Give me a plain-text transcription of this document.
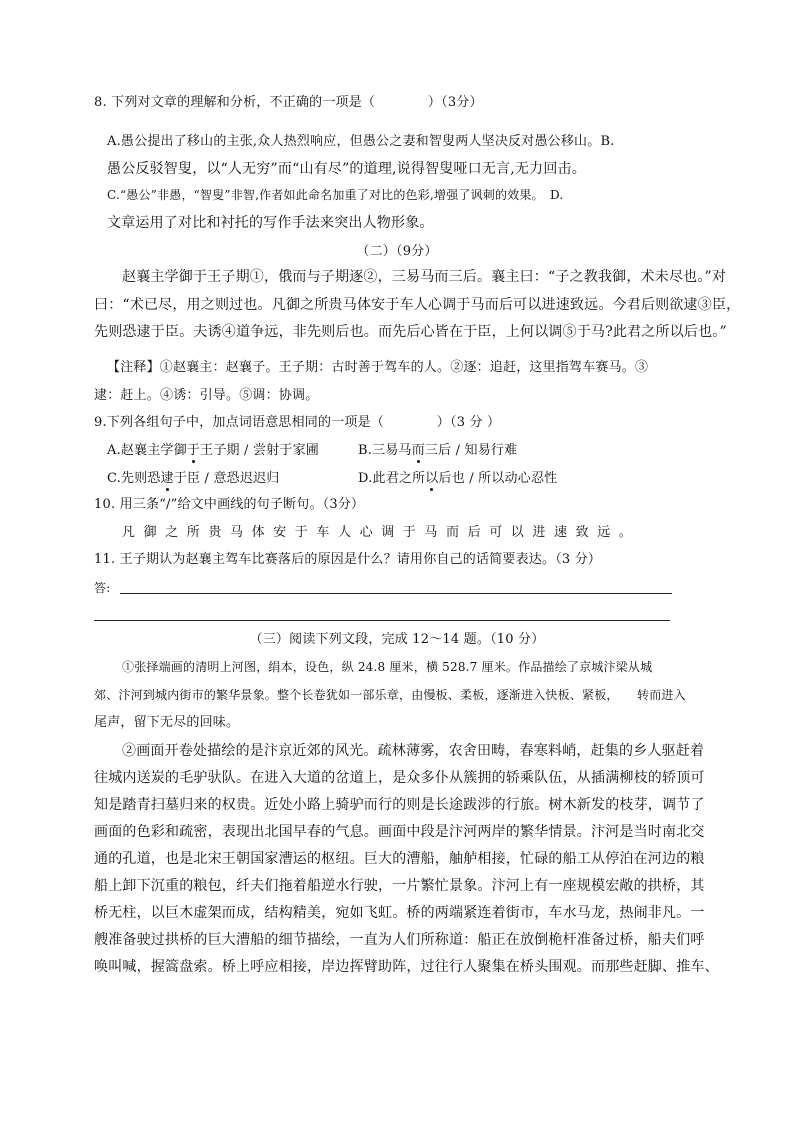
8. 下列对文章的理解和分析，不正确的一项是（　　　　）（3分）
A.愚公提出了移山的主张,众人热烈响应，但愚公之妻和智叟两人坚决反对愚公移山。B.
愚公反驳智叟，以“人无穷”而“山有尽”的道理,说得智叟哑口无言,无力回击。
C.“愚公”非愚，“智叟”非智,作者如此命名加重了对比的色彩,增强了讽刺的效果。　D.
文章运用了对比和衬托的写作手法来突出人物形象。
（二）（9分）
赵襄主学御于王子期①，俄而与子期逐②，三易马而三后。襄主曰：“子之教我御，术未尽也。”对
曰：“术已尽，用之则过也。凡御之所贵马体安于车人心调于马而后可以进速致远。今君后则欲逮③臣，
先则恐逮于臣。夫诱④道争远，非先则后也。而先后心皆在于臣，上何以调⑤于马?此君之所以后也。”
【注释】①赵襄主：赵襄子。王子期：古时善于驾车的人。②逐：追赶，这里指驾车赛马。③
逮：赶上。④诱：引导。⑤调：协调。
9.下列各组句子中，加点词语意思相同的一项是（　　　　）（3 分 ）
A.赵襄主学御于王子期 / 尝射于家圃	B.三易马而三后 / 知易行难
C.先则恐逮于臣 / 意恐迟迟归	D.此君之所以后也 / 所以动心忍性
10. 用三条“/”给文中画线的句子断句。（3分）
凡御之所贵马体安于车人心调于马而后可以进速致远。
11. 王子期认为赵襄主驾车比赛落后的原因是什么？请用你自己的话简要表达。（3 分）
答:
（三）阅读下列文段，完成 12～14 题。（10 分）
①张择端画的清明上河图，绢本，设色，纵 24.8 厘米，横 528.7 厘米。作品描绘了京城汴梁从城
郊、汴河到城内街市的繁华景象。整个长卷犹如一部乐章，由慢板、柔板，逐渐进入快板、紧板，　　转而进入
尾声，留下无尽的回味。
②画面开卷处描绘的是汴京近郊的风光。疏林薄雾，农舍田畴，春寒料峭，赶集的乡人驱赶着
往城内送炭的毛驴驮队。在进入大道的岔道上，是众多仆从簇拥的轿乘队伍，从插满柳枝的轿顶可
知是踏青扫墓归来的权贵。近处小路上骑驴而行的则是长途跋涉的行旅。树木新发的枝芽，调节了
画面的色彩和疏密，表现出北国早春的气息。画面中段是汴河两岸的繁华情景。汴河是当时南北交
通的孔道，也是北宋王朝国家漕运的枢纽。巨大的漕船，舳舻相接，忙碌的船工从停泊在河边的粮
船上卸下沉重的粮包，纤夫们拖着船逆水行驶，一片繁忙景象。汴河上有一座规模宏敞的拱桥，其
桥无柱，以巨木虚架而成，结构精美，宛如飞虹。桥的两端紧连着街市，车水马龙，热闹非凡。一
艘准备驶过拱桥的巨大漕船的细节描绘，一直为人们所称道：船正在放倒桅杆准备过桥，船夫们呼
唤叫喊，握篙盘索。桥上呼应相接，岸边挥臂助阵，过往行人聚集在桥头围观。而那些赶脚、推车、
